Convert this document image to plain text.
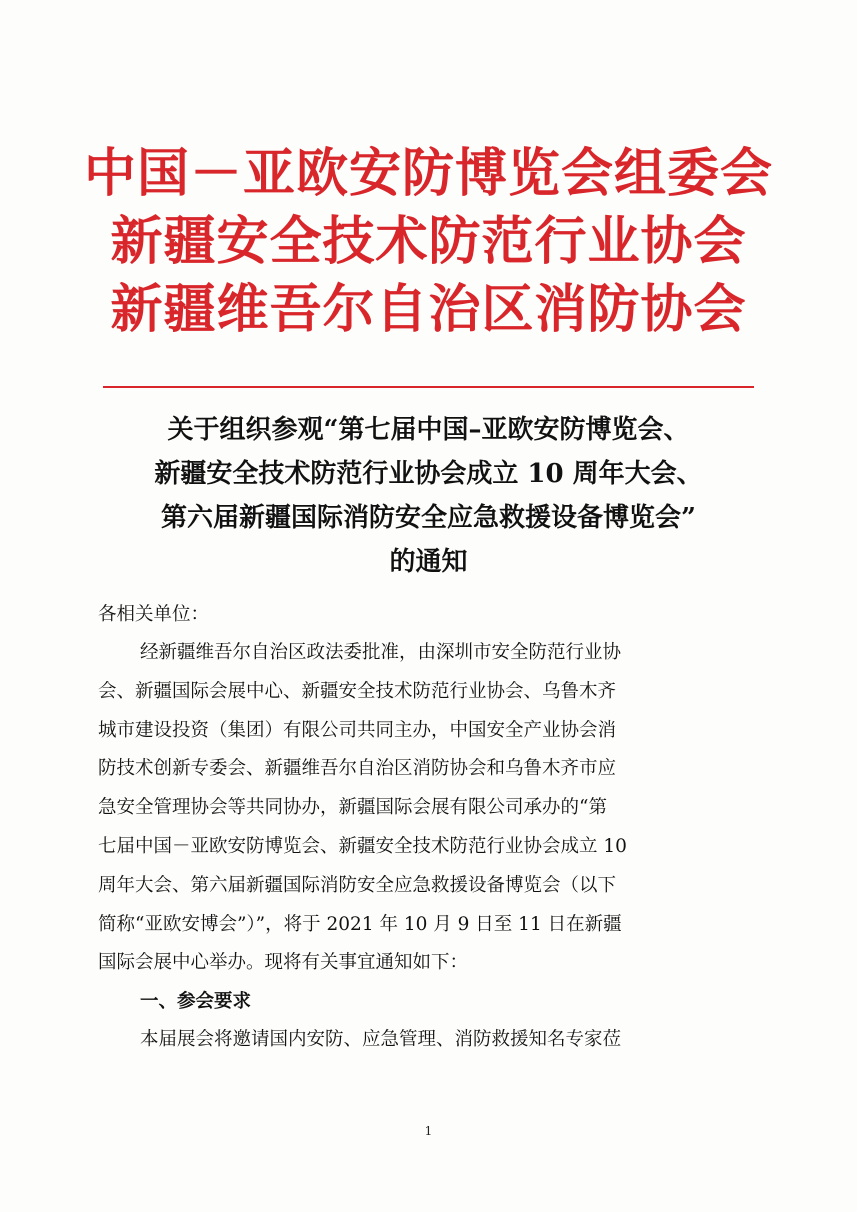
中国－亚欧安防博览会组委会
新疆安全技术防范行业协会
新疆维吾尔自治区消防协会
关于组织参观“第七届中国–亚欧安防博览会、
新疆安全技术防范行业协会成立 10 周年大会、
第六届新疆国际消防安全应急救援设备博览会”
的通知

各相关单位：

经新疆维吾尔自治区政法委批准，由深圳市安全防范行业协
会、新疆国际会展中心、新疆安全技术防范行业协会、乌鲁木齐
城市建设投资（集团）有限公司共同主办，中国安全产业协会消
防技术创新专委会、新疆维吾尔自治区消防协会和乌鲁木齐市应
急安全管理协会等共同协办，新疆国际会展有限公司承办的“第
七届中国－亚欧安防博览会、新疆安全技术防范行业协会成立 10
周年大会、第六届新疆国际消防安全应急救援设备博览会（以下
简称“亚欧安博会”）”，将于 2021 年 10 月 9 日至 11 日在新疆
国际会展中心举办。现将有关事宜通知如下：
一、参会要求
本届展会将邀请国内安防、应急管理、消防救援知名专家莅
1
